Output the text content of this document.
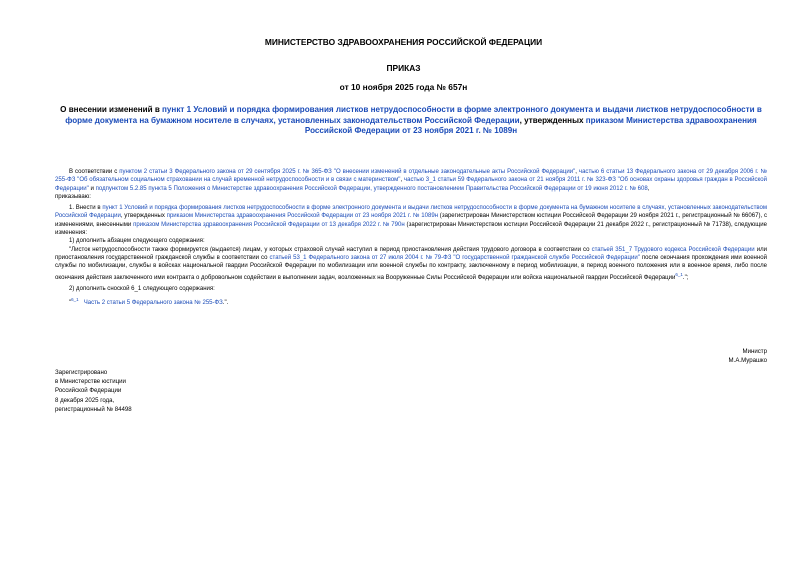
МИНИСТЕРСТВО ЗДРАВООХРАНЕНИЯ РОССИЙСКОЙ ФЕДЕРАЦИИ
ПРИКАЗ
от 10 ноября 2025 года № 657н
О внесении изменений в пункт 1 Условий и порядка формирования листков нетрудоспособности в форме электронного документа и выдачи листков нетрудоспособности в форме документа на бумажном носителе в случаях, установленных законодательством Российской Федерации, утвержденных приказом Министерства здравоохранения Российской Федерации от 23 ноября 2021 г. № 1089н

В соответствии с пунктом 2 статьи 3 Федерального закона от 29 сентября 2025 г. № 365-ФЗ "О внесении изменений в отдельные законодательные акты Российской Федерации", частью 6 статьи 13 Федерального закона от 29 декабря 2006 г. № 255-ФЗ "Об обязательном социальном страховании на случай временной нетрудоспособности и в связи с материнством", частью 3_1 статьи 59 Федерального закона от 21 ноября 2011 г. № 323-ФЗ "Об основах охраны здоровья граждан в Российской Федерации" и подпунктом 5.2.85 пункта 5 Положения о Министерстве здравоохранения Российской Федерации, утвержденного постановлением Правительства Российской Федерации от 19 июня 2012 г. № 608,

приказываю:

1. Внести в пункт 1 Условий и порядка формирования листков нетрудоспособности в форме электронного документа и выдачи листков нетрудоспособности в форме документа на бумажном носителе в случаях, установленных законодательством Российской Федерации, утвержденных приказом Министерства здравоохранения Российской Федерации от 23 ноября 2021 г. № 1089н (зарегистрирован Министерством юстиции Российской Федерации 29 ноября 2021 г., регистрационный № 66067), с изменениями, внесенными приказом Министерства здравоохранения Российской Федерации от 13 декабря 2022 г. № 790н (зарегистрирован Министерством юстиции Российской Федерации 21 декабря 2022 г., регистрационный № 71738), следующие изменения:

1) дополнить абзацем следующего содержания:

"Листок нетрудоспособности также формируется (выдается) лицам, у которых страховой случай наступил в период приостановления действия трудового договора в соответствии со статьей 351_7 Трудового кодекса Российской Федерации или приостановления государственной гражданской службы в соответствии со статьей 53_1 Федерального закона от 27 июля 2004 г. № 79-ФЗ "О государственной гражданской службе Российской Федерации" после окончания прохождения ими военной службы по мобилизации, службы в войсках национальной гвардии Российской Федерации по мобилизации или военной службы по контракту, заключенному в период мобилизации, в период военного положения или в военное время, либо после окончания действия заключенного ими контракта о добровольном содействии в выполнении задач, возложенных на Вооруженные Силы Российской Федерации или войска национальной гвардии Российской Федерации$^{6\_1}$.";

2) дополнить сноской 6_1 следующего содержания:

"$^{6\_1}$   Часть 2 статьи 5 Федерального закона № 255-ФЗ.".

Министр
М.А.Мурашко
Зарегистрировано
в Министерстве юстиции
Российской Федерации
8 декабря 2025 года,
регистрационный № 84498
